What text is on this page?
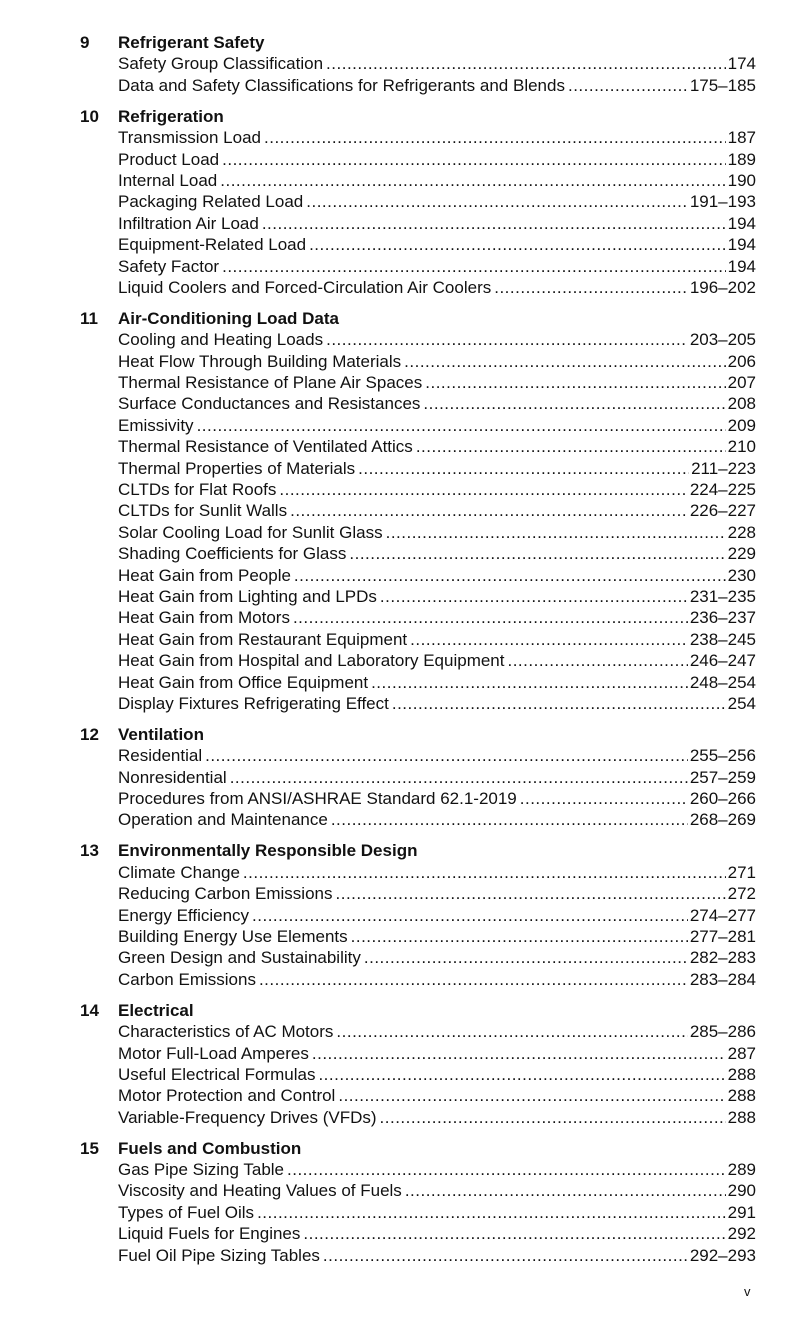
9	Refrigerant Safety
Safety Group Classification .....	174
Data and Safety Classifications for Refrigerants and Blends .....	175–185
10	Refrigeration
Transmission Load .....	187
Product Load .....	189
Internal Load .....	190
Packaging Related Load .....	191–193
Infiltration Air Load .....	194
Equipment-Related Load .....	194
Safety Factor .....	194
Liquid Coolers and Forced-Circulation Air Coolers .....	196–202
11	Air-Conditioning Load Data
Cooling and Heating Loads .....	203–205
Heat Flow Through Building Materials .....	206
Thermal Resistance of Plane Air Spaces .....	207
Surface Conductances and Resistances .....	208
Emissivity .....	209
Thermal Resistance of Ventilated Attics .....	210
Thermal Properties of Materials .....	211–223
CLTDs for Flat Roofs .....	224–225
CLTDs for Sunlit Walls .....	226–227
Solar Cooling Load for Sunlit Glass .....	228
Shading Coefficients for Glass .....	229
Heat Gain from People .....	230
Heat Gain from Lighting and LPDs .....	231–235
Heat Gain from Motors .....	236–237
Heat Gain from Restaurant Equipment .....	238–245
Heat Gain from Hospital and Laboratory Equipment .....	246–247
Heat Gain from Office Equipment .....	248–254
Display Fixtures Refrigerating Effect .....	254
12	Ventilation
Residential .....	255–256
Nonresidential .....	257–259
Procedures from ANSI/ASHRAE Standard 62.1-2019 .....	260–266
Operation and Maintenance .....	268–269
13	Environmentally Responsible Design
Climate Change .....	271
Reducing Carbon Emissions .....	272
Energy Efficiency .....	274–277
Building Energy Use Elements .....	277–281
Green Design and Sustainability .....	282–283
Carbon Emissions .....	283–284
14	Electrical
Characteristics of AC Motors .....	285–286
Motor Full-Load Amperes .....	287
Useful Electrical Formulas .....	288
Motor Protection and Control .....	288
Variable-Frequency Drives (VFDs) .....	288
15	Fuels and Combustion
Gas Pipe Sizing Table .....	289
Viscosity and Heating Values of Fuels .....	290
Types of Fuel Oils .....	291
Liquid Fuels for Engines .....	292
Fuel Oil Pipe Sizing Tables .....	292–293
v
